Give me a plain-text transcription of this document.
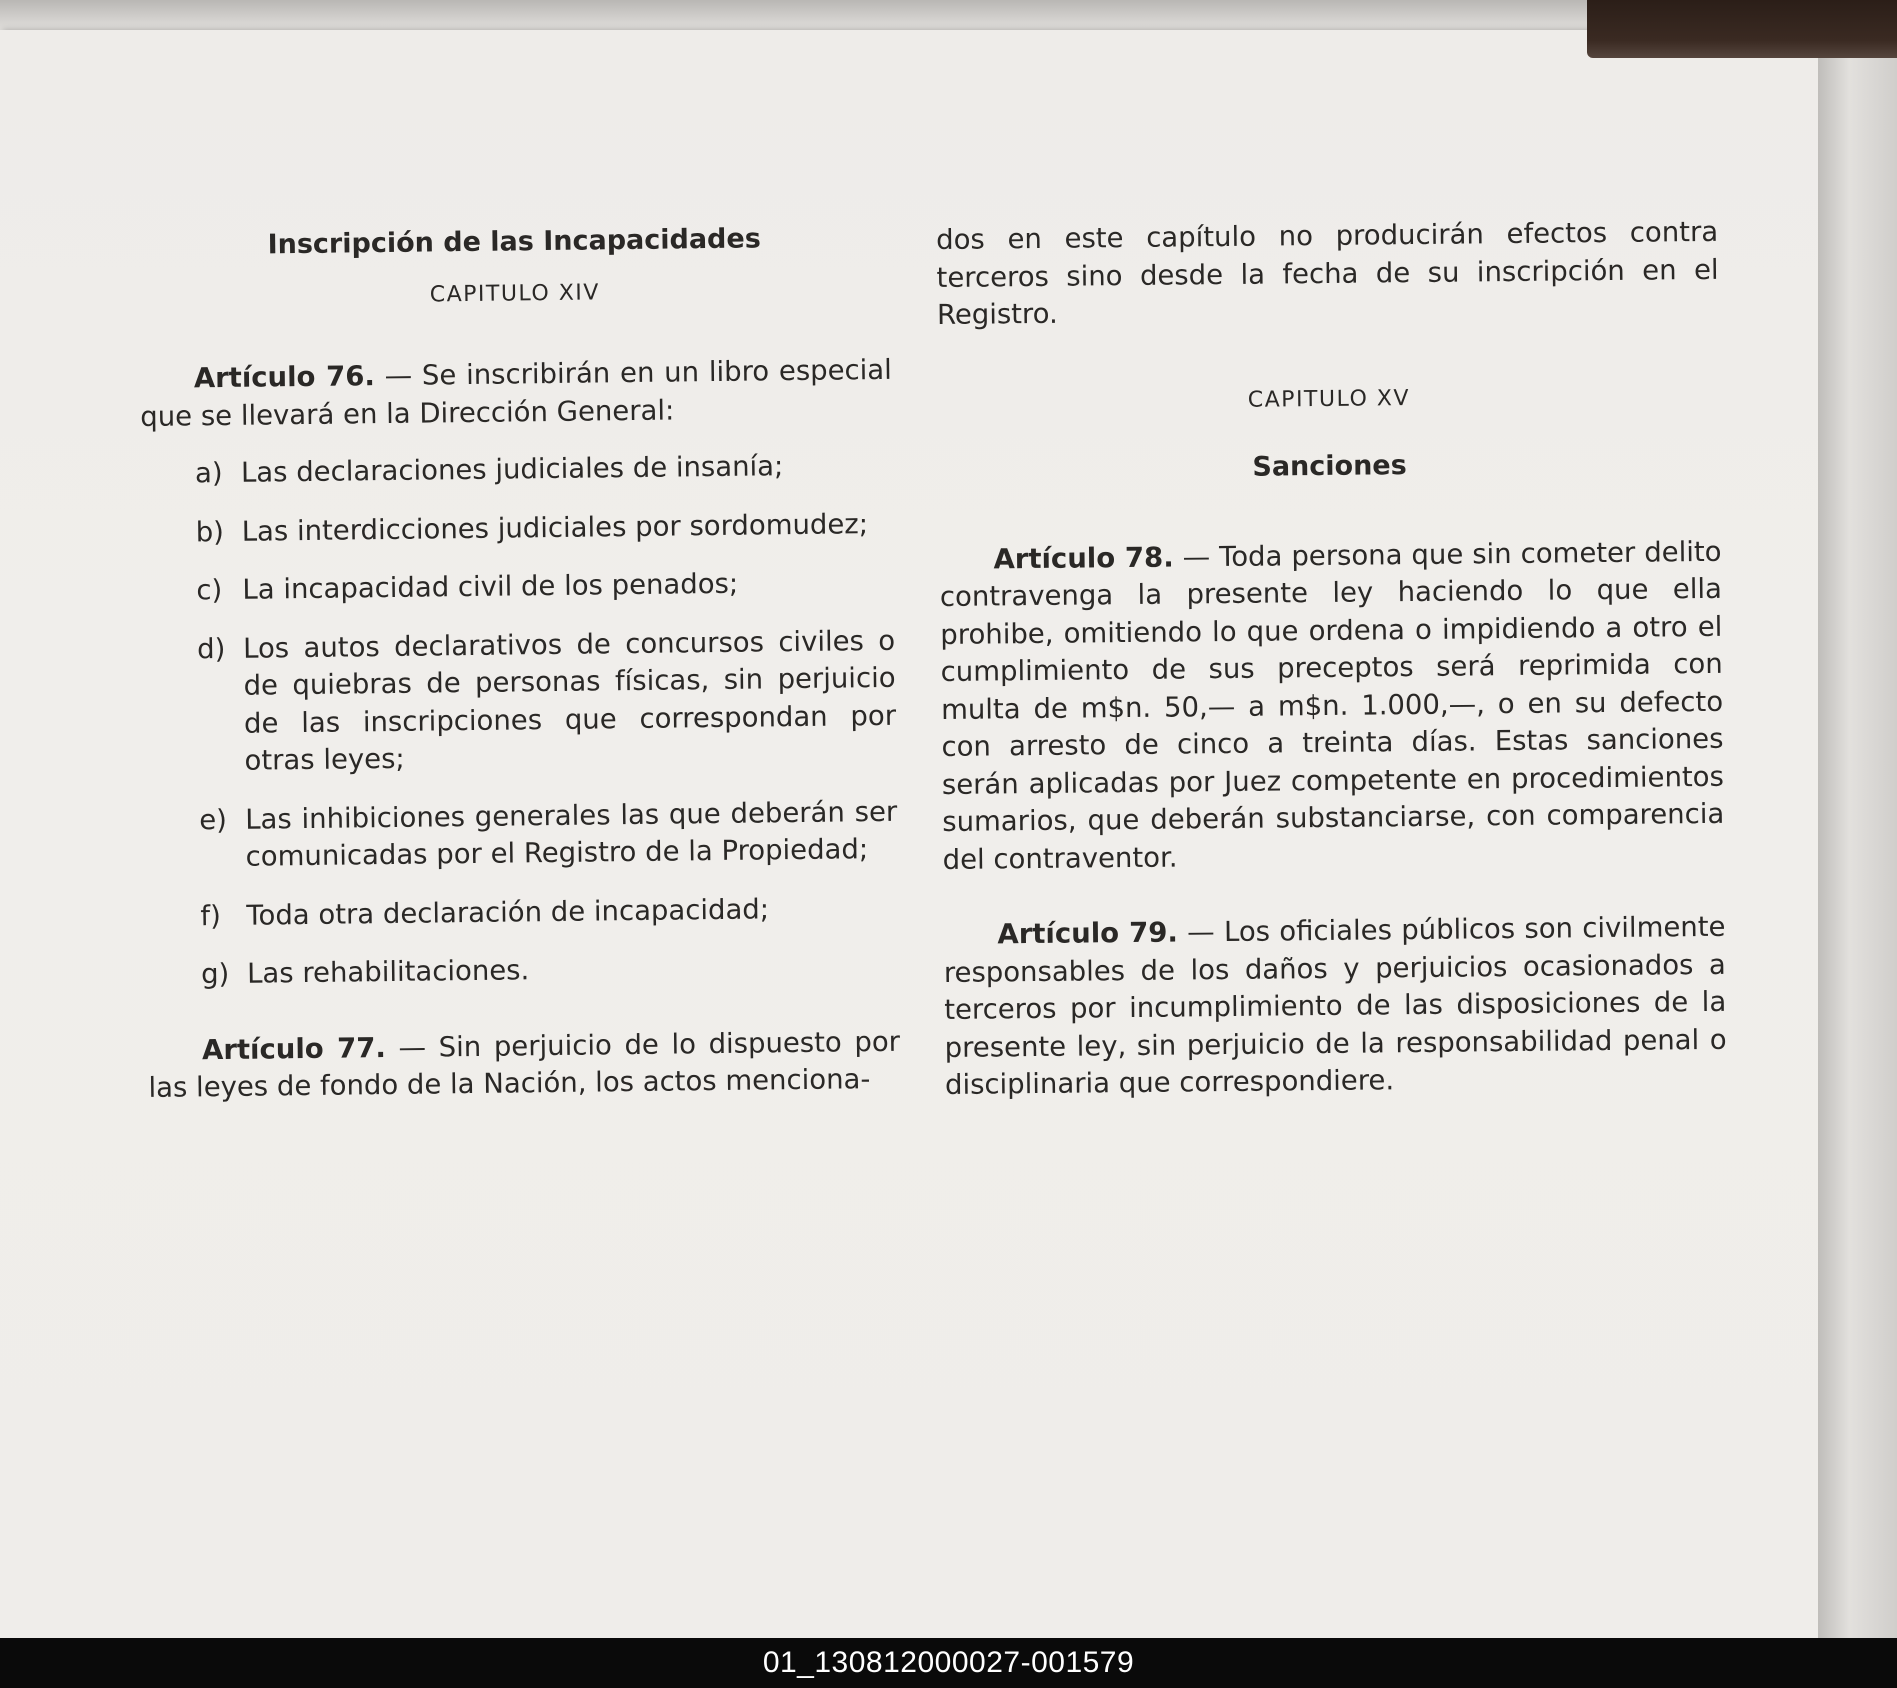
Inscripción de las Incapacidades

CAPITULO XIV

Artículo 76. — Se inscribirán en un libro especial que se llevará en la Dirección General:

a) Las declaraciones judiciales de insanía;
b) Las interdicciones judiciales por sordomudez;
c) La incapacidad civil de los penados;
d) Los autos declarativos de concursos civiles o de quiebras de personas físicas, sin perjuicio de las inscripciones que correspondan por otras leyes;
e) Las inhibiciones generales las que deberán ser comunicadas por el Registro de la Propiedad;
f) Toda otra declaración de incapacidad;
g) Las rehabilitaciones.

Artículo 77. — Sin perjuicio de lo dispuesto por las leyes de fondo de la Nación, los actos menciona-

dos en este capítulo no producirán efectos contra terceros sino desde la fecha de su inscripción en el Registro.

CAPITULO XV

Sanciones

Artículo 78. — Toda persona que sin cometer delito contravenga la presente ley haciendo lo que ella prohibe, omitiendo lo que ordena o impidiendo a otro el cumplimiento de sus preceptos será reprimida con multa de m$n. 50,— a m$n. 1.000,—, o en su defecto con arresto de cinco a treinta días. Estas sanciones serán aplicadas por Juez competente en procedimientos sumarios, que deberán substanciarse, con comparencia del contraventor.

Artículo 79. — Los oficiales públicos son civilmente responsables de los daños y perjuicios ocasionados a terceros por incumplimiento de las disposiciones de la presente ley, sin perjuicio de la responsabilidad penal o disciplinaria que correspondiere.

01_130812000027-001579
